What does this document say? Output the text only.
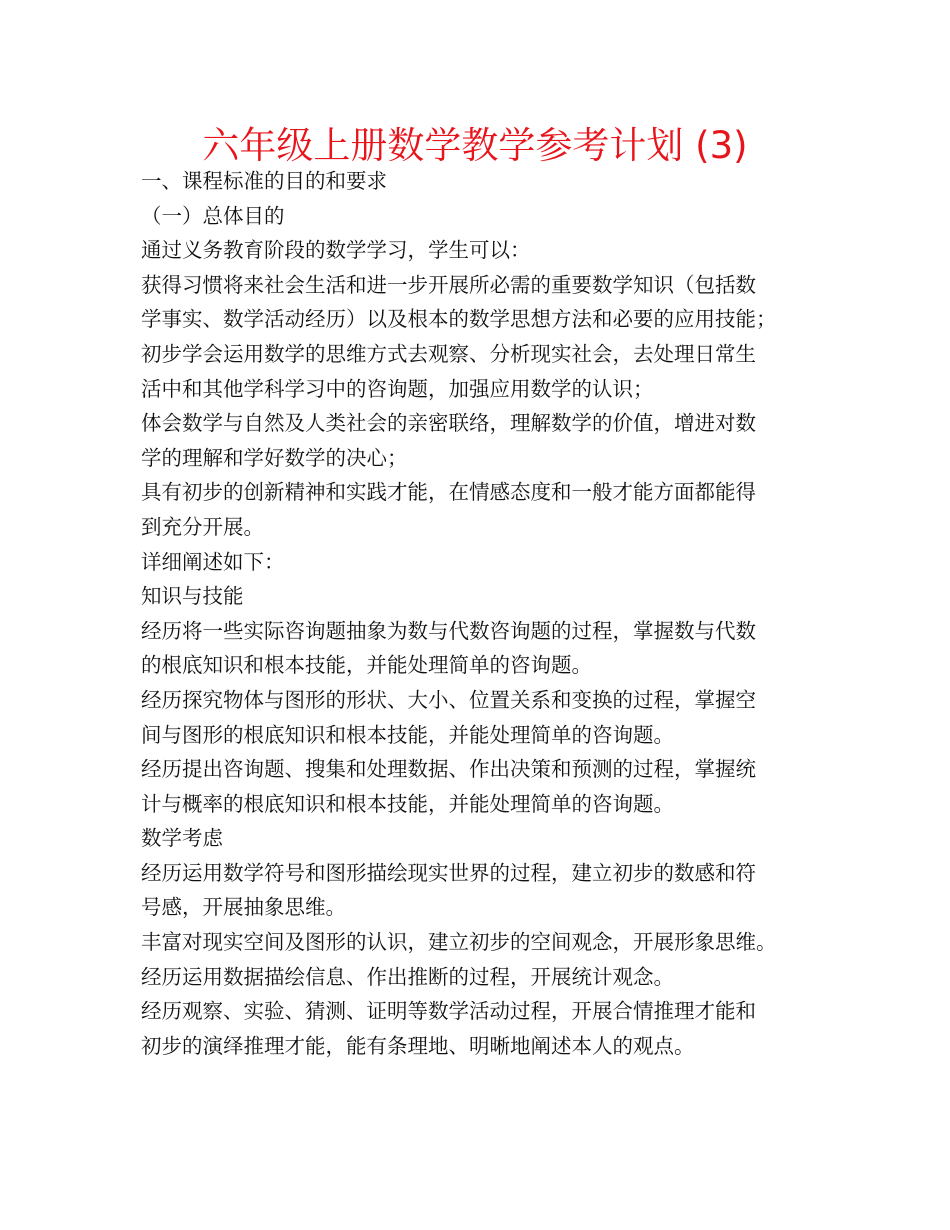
六年级上册数学教学参考计划 (3)

一、课程标准的目的和要求

（一）总体目的

通过义务教育阶段的数学学习，学生可以：

获得习惯将来社会生活和进一步开展所必需的重要数学知识（包括数

学事实、数学活动经历）以及根本的数学思想方法和必要的应用技能；

初步学会运用数学的思维方式去观察、分析现实社会，去处理日常生

活中和其他学科学习中的咨询题，加强应用数学的认识；

体会数学与自然及人类社会的亲密联络，理解数学的价值，增进对数

学的理解和学好数学的决心；

具有初步的创新精神和实践才能，在情感态度和一般才能方面都能得

到充分开展。

详细阐述如下：

知识与技能

经历将一些实际咨询题抽象为数与代数咨询题的过程，掌握数与代数

的根底知识和根本技能，并能处理简单的咨询题。

经历探究物体与图形的形状、大小、位置关系和变换的过程，掌握空

间与图形的根底知识和根本技能，并能处理简单的咨询题。

经历提出咨询题、搜集和处理数据、作出决策和预测的过程，掌握统

计与概率的根底知识和根本技能，并能处理简单的咨询题。

数学考虑

经历运用数学符号和图形描绘现实世界的过程，建立初步的数感和符

号感，开展抽象思维。

丰富对现实空间及图形的认识，建立初步的空间观念，开展形象思维。

经历运用数据描绘信息、作出推断的过程，开展统计观念。

经历观察、实验、猜测、证明等数学活动过程，开展合情推理才能和

初步的演绎推理才能，能有条理地、明晰地阐述本人的观点。
